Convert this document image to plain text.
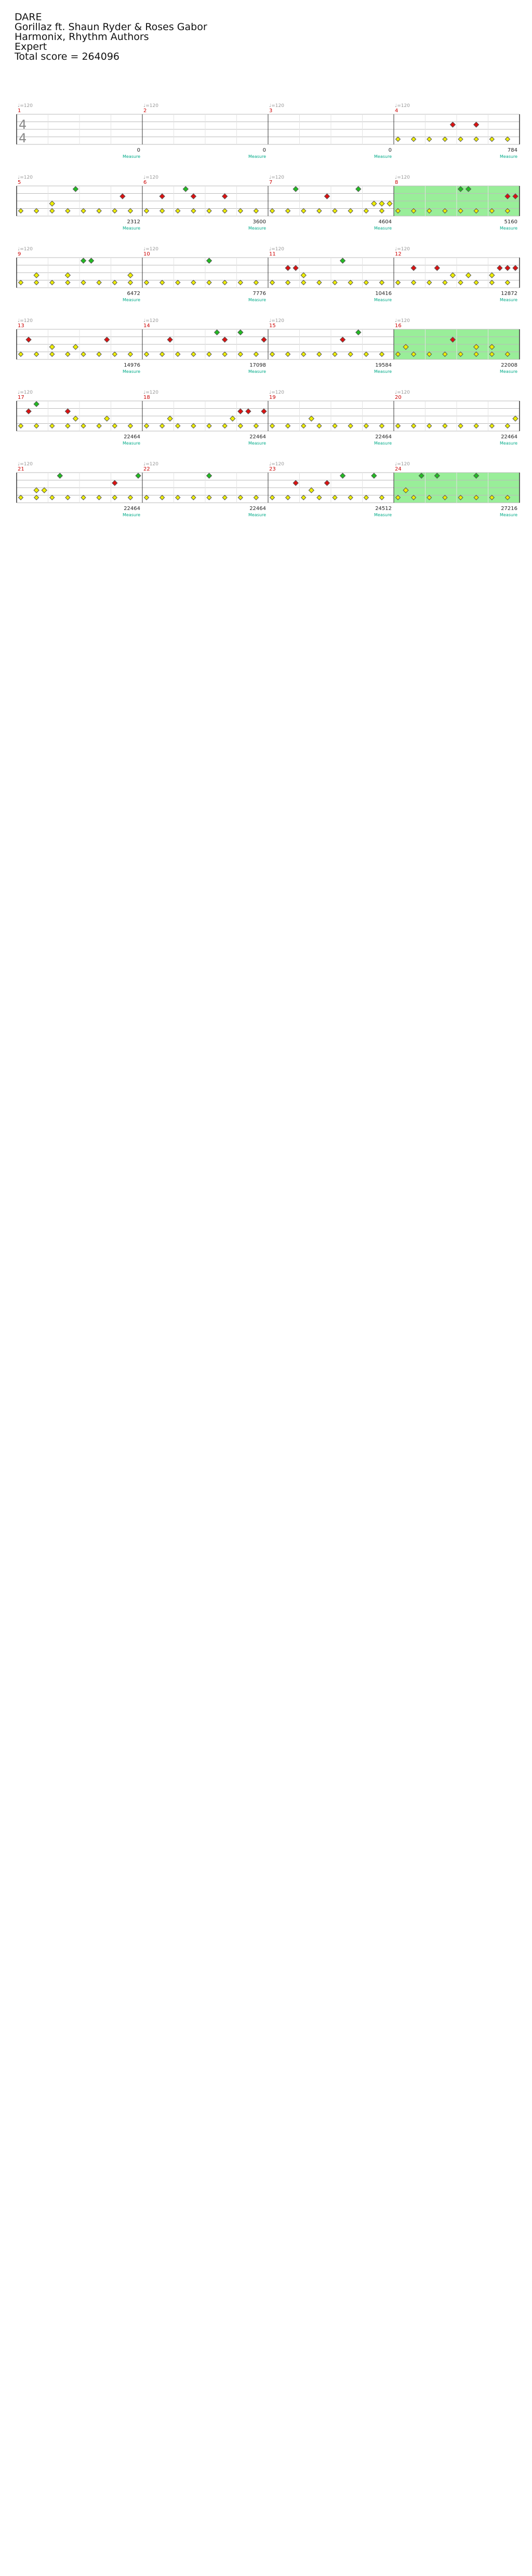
DARE
Gorillaz ft. Shaun Ryder & Roses Gabor
Harmonix, Rhythm Authors
Expert
Total score = 264096
♩=120	♩=120	♩=120	♩=120
1
0
Measure
2
0
Measure
3
0
Measure
4
784
Measure
♩=120	♩=120	♩=120	♩=120
5
2312
Measure
6
3600
Measure
7
4604
Measure
8
5160
Measure
♩=120	♩=120	♩=120	♩=120
9
6472
Measure
10
7776
Measure
11
10416
Measure
12
12872
Measure
♩=120	♩=120	♩=120	♩=120
13
14976
Measure
14
17098
Measure
15
19584
Measure
16
22008
Measure
♩=120	♩=120	♩=120	♩=120
17
22464
Measure
18
22464
Measure
19
22464
Measure
20
22464
Measure
♩=120	♩=120	♩=120	♩=120
21
22464
Measure
22
22464
Measure
23
24512
Measure
24
27216
Measure
4
4
